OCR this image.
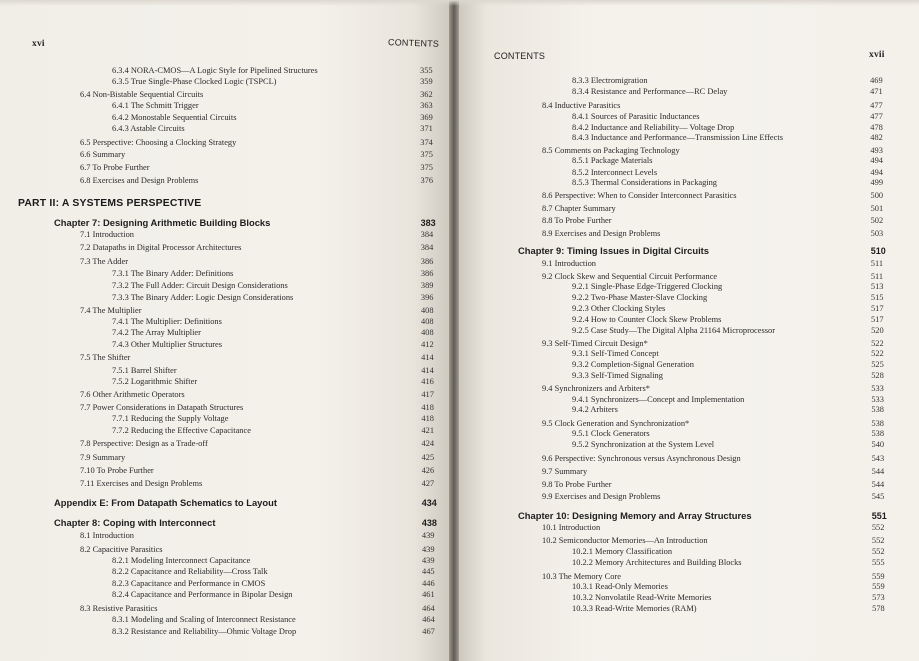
xvi	CONTENTS
6.3.4 NORA-CMOS—A Logic Style for Pipelined Structures	355
6.3.5 True Single-Phase Clocked Logic (TSPCL)	359
6.4 Non-Bistable Sequential Circuits	362
6.4.1 The Schmitt Trigger	363
6.4.2 Monostable Sequential Circuits	369
6.4.3 Astable Circuits	371
6.5 Perspective: Choosing a Clocking Strategy	374
6.6 Summary	375
6.7 To Probe Further	375
6.8 Exercises and Design Problems	376
PART II: A SYSTEMS PERSPECTIVE
Chapter 7: Designing Arithmetic Building Blocks	383
7.1 Introduction	384
7.2 Datapaths in Digital Processor Architectures	384
7.3 The Adder	386
7.3.1 The Binary Adder: Definitions	386
7.3.2 The Full Adder: Circuit Design Considerations	389
7.3.3 The Binary Adder: Logic Design Considerations	396
7.4 The Multiplier	408
7.4.1 The Multiplier: Definitions	408
7.4.2 The Array Multiplier	408
7.4.3 Other Multiplier Structures	412
7.5 The Shifter	414
7.5.1 Barrel Shifter	414
7.5.2 Logarithmic Shifter	416
7.6 Other Arithmetic Operators	417
7.7 Power Considerations in Datapath Structures	418
7.7.1 Reducing the Supply Voltage	418
7.7.2 Reducing the Effective Capacitance	421
7.8 Perspective: Design as a Trade-off	424
7.9 Summary	425
7.10 To Probe Further	426
7.11 Exercises and Design Problems	427
Appendix E: From Datapath Schematics to Layout	434
Chapter 8: Coping with Interconnect	438
8.1 Introduction	439
8.2 Capacitive Parasitics	439
8.2.1 Modeling Interconnect Capacitance	439
8.2.2 Capacitance and Reliability—Cross Talk	445
8.2.3 Capacitance and Performance in CMOS	446
8.2.4 Capacitance and Performance in Bipolar Design	461
8.3 Resistive Parasitics	464
8.3.1 Modeling and Scaling of Interconnect Resistance	464
8.3.2 Resistance and Reliability—Ohmic Voltage Drop	467
CONTENTS	xvii
8.3.3 Electromigration	469
8.3.4 Resistance and Performance—RC Delay	471
8.4 Inductive Parasitics	477
8.4.1 Sources of Parasitic Inductances	477
8.4.2 Inductance and Reliability— Voltage Drop	478
8.4.3 Inductance and Performance—Transmission Line Effects	482
8.5 Comments on Packaging Technology	493
8.5.1 Package Materials	494
8.5.2 Interconnect Levels	494
8.5.3 Thermal Considerations in Packaging	499
8.6 Perspective: When to Consider Interconnect Parasitics	500
8.7 Chapter Summary	501
8.8 To Probe Further	502
8.9 Exercises and Design Problems	503
Chapter 9: Timing Issues in Digital Circuits	510
9.1 Introduction	511
9.2 Clock Skew and Sequential Circuit Performance	511
9.2.1 Single-Phase Edge-Triggered Clocking	513
9.2.2 Two-Phase Master-Slave Clocking	515
9.2.3 Other Clocking Styles	517
9.2.4 How to Counter Clock Skew Problems	517
9.2.5 Case Study—The Digital Alpha 21164 Microprocessor	520
9.3 Self-Timed Circuit Design*	522
9.3.1 Self-Timed Concept	522
9.3.2 Completion-Signal Generation	525
9.3.3 Self-Timed Signaling	528
9.4 Synchronizers and Arbiters*	533
9.4.1 Synchronizers—Concept and Implementation	533
9.4.2 Arbiters	538
9.5 Clock Generation and Synchronization*	538
9.5.1 Clock Generators	538
9.5.2 Synchronization at the System Level	540
9.6 Perspective: Synchronous versus Asynchronous Design	543
9.7 Summary	544
9.8 To Probe Further	544
9.9 Exercises and Design Problems	545
Chapter 10: Designing Memory and Array Structures	551
10.1 Introduction	552
10.2 Semiconductor Memories—An Introduction	552
10.2.1 Memory Classification	552
10.2.2 Memory Architectures and Building Blocks	555
10.3 The Memory Core	559
10.3.1 Read-Only Memories	559
10.3.2 Nonvolatile Read-Write Memories	573
10.3.3 Read-Write Memories (RAM)	578
